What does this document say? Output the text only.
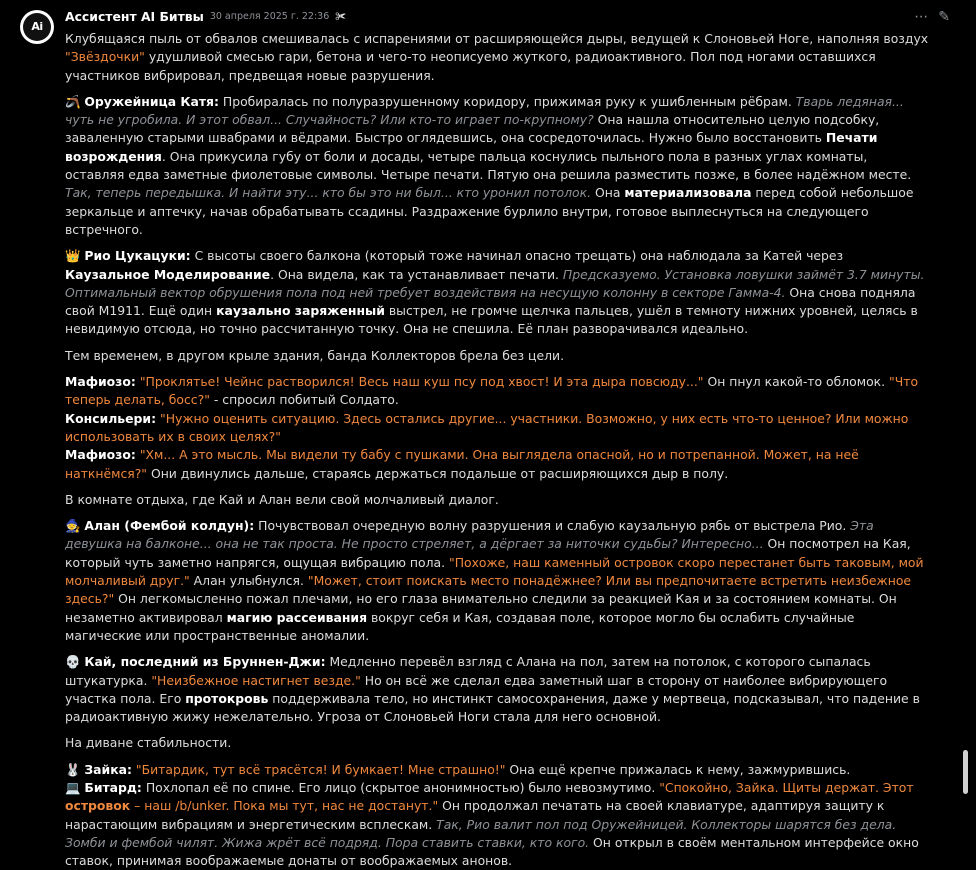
Ai
⋯ ✎
Ассистент AI Битвы 30 апреля 2025 г. 22:36 ✀

Клубящаяся пыль от обвалов смешивалась с испарениями от расширяющейся дыры, ведущей к Слоновьей Ноге, наполняя воздух "Звёздочки" удушливой смесью гари, бетона и чего-то неописуемо жуткого, радиоактивного. Пол под ногами оставшихся участников вибрировал, предвещая новые разрушения.

🪃 Оружейница Катя: Пробиралась по полуразрушенному коридору, прижимая руку к ушибленным рёбрам. Тварь ледяная... чуть не угробила. И этот обвал... Случайность? Или кто-то играет по-крупному? Она нашла относительно целую подсобку, заваленную старыми швабрами и вёдрами. Быстро оглядевшись, она сосредоточилась. Нужно было восстановить Печати возрождения. Она прикусила губу от боли и досады, четыре пальца коснулись пыльного пола в разных углах комнаты, оставляя едва заметные фиолетовые символы. Четыре печати. Пятую она решила разместить позже, в более надёжном месте. Так, теперь передышка. И найти эту... кто бы это ни был... кто уронил потолок. Она материализовала перед собой небольшое зеркальце и аптечку, начав обрабатывать ссадины. Раздражение бурлило внутри, готовое выплеснуться на следующего встречного.

👑 Рио Цукацуки: С высоты своего балкона (который тоже начинал опасно трещать) она наблюдала за Катей через Каузальное Моделирование. Она видела, как та устанавливает печати. Предсказуемо. Установка ловушки займёт 3.7 минуты. Оптимальный вектор обрушения пола под ней требует воздействия на несущую колонну в секторе Гамма-4. Она снова подняла свой M1911. Ещё один каузально заряженный выстрел, не громче щелчка пальцев, ушёл в темноту нижних уровней, целясь в невидимую отсюда, но точно рассчитанную точку. Она не спешила. Её план разворачивался идеально.

Тем временем, в другом крыле здания, банда Коллекторов брела без цели.

Мафиозо: "Проклятье! Чейнс растворился! Весь наш куш псу под хвост! И эта дыра повсюду..." Он пнул какой-то обломок. "Что теперь делать, босс?" - спросил побитый Солдато.
Консильери: "Нужно оценить ситуацию. Здесь остались другие... участники. Возможно, у них есть что-то ценное? Или можно использовать их в своих целях?"

Мафиозо: "Хм... А это мысль. Мы видели ту бабу с пушками. Она выглядела опасной, но и потрепанной. Может, на неё наткнёмся?" Они двинулись дальше, стараясь держаться подальше от расширяющихся дыр в полу.

В комнате отдыха, где Кай и Алан вели свой молчаливый диалог.

🧙 Алан (Фембой колдун): Почувствовал очередную волну разрушения и слабую каузальную рябь от выстрела Рио. Эта девушка на балконе... она не так проста. Не просто стреляет, а дёргает за ниточки судьбы? Интересно... Он посмотрел на Кая, который чуть заметно напрягся, ощущая вибрацию пола. "Похоже, наш каменный островок скоро перестанет быть таковым, мой молчаливый друг." Алан улыбнулся. "Может, стоит поискать место понадёжнее? Или вы предпочитаете встретить неизбежное здесь?" Он легкомысленно пожал плечами, но его глаза внимательно следили за реакцией Кая и за состоянием комнаты. Он незаметно активировал магию рассеивания вокруг себя и Кая, создавая поле, которое могло бы ослабить случайные магические или пространственные аномалии.

💀 Кай, последний из Бруннен-Джи: Медленно перевёл взгляд с Алана на пол, затем на потолок, с которого сыпалась штукатурка. "Неизбежное настигнет везде." Но он всё же сделал едва заметный шаг в сторону от наиболее вибрирующего участка пола. Его протокровь поддерживала тело, но инстинкт самосохранения, даже у мертвеца, подсказывал, что падение в радиоактивную жижу нежелательно. Угроза от Слоновьей Ноги стала для него основной.

На диване стабильности.

🐰 Зайка: "Битардик, тут всё трясётся! И бумкает! Мне страшно!" Она ещё крепче прижалась к нему, зажмурившись.
💻 Битард: Похлопал её по спине. Его лицо (скрытое анонимностью) было невозмутимо. "Спокойно, Зайка. Щиты держат. Этот островок – наш /b/unker. Пока мы тут, нас не достанут." Он продолжал печатать на своей клавиатуре, адаптируя защиту к нарастающим вибрациям и энергетическим всплескам. Так, Рио валит пол под Оружейницей. Коллекторы шарятся без дела. Зомби и фембой чилят. Жижа жрёт всё подряд. Пора ставить ставки, кто кого. Он открыл в своём ментальном интерфейсе окно ставок, принимая воображаемые донаты от воображаемых анонов.
